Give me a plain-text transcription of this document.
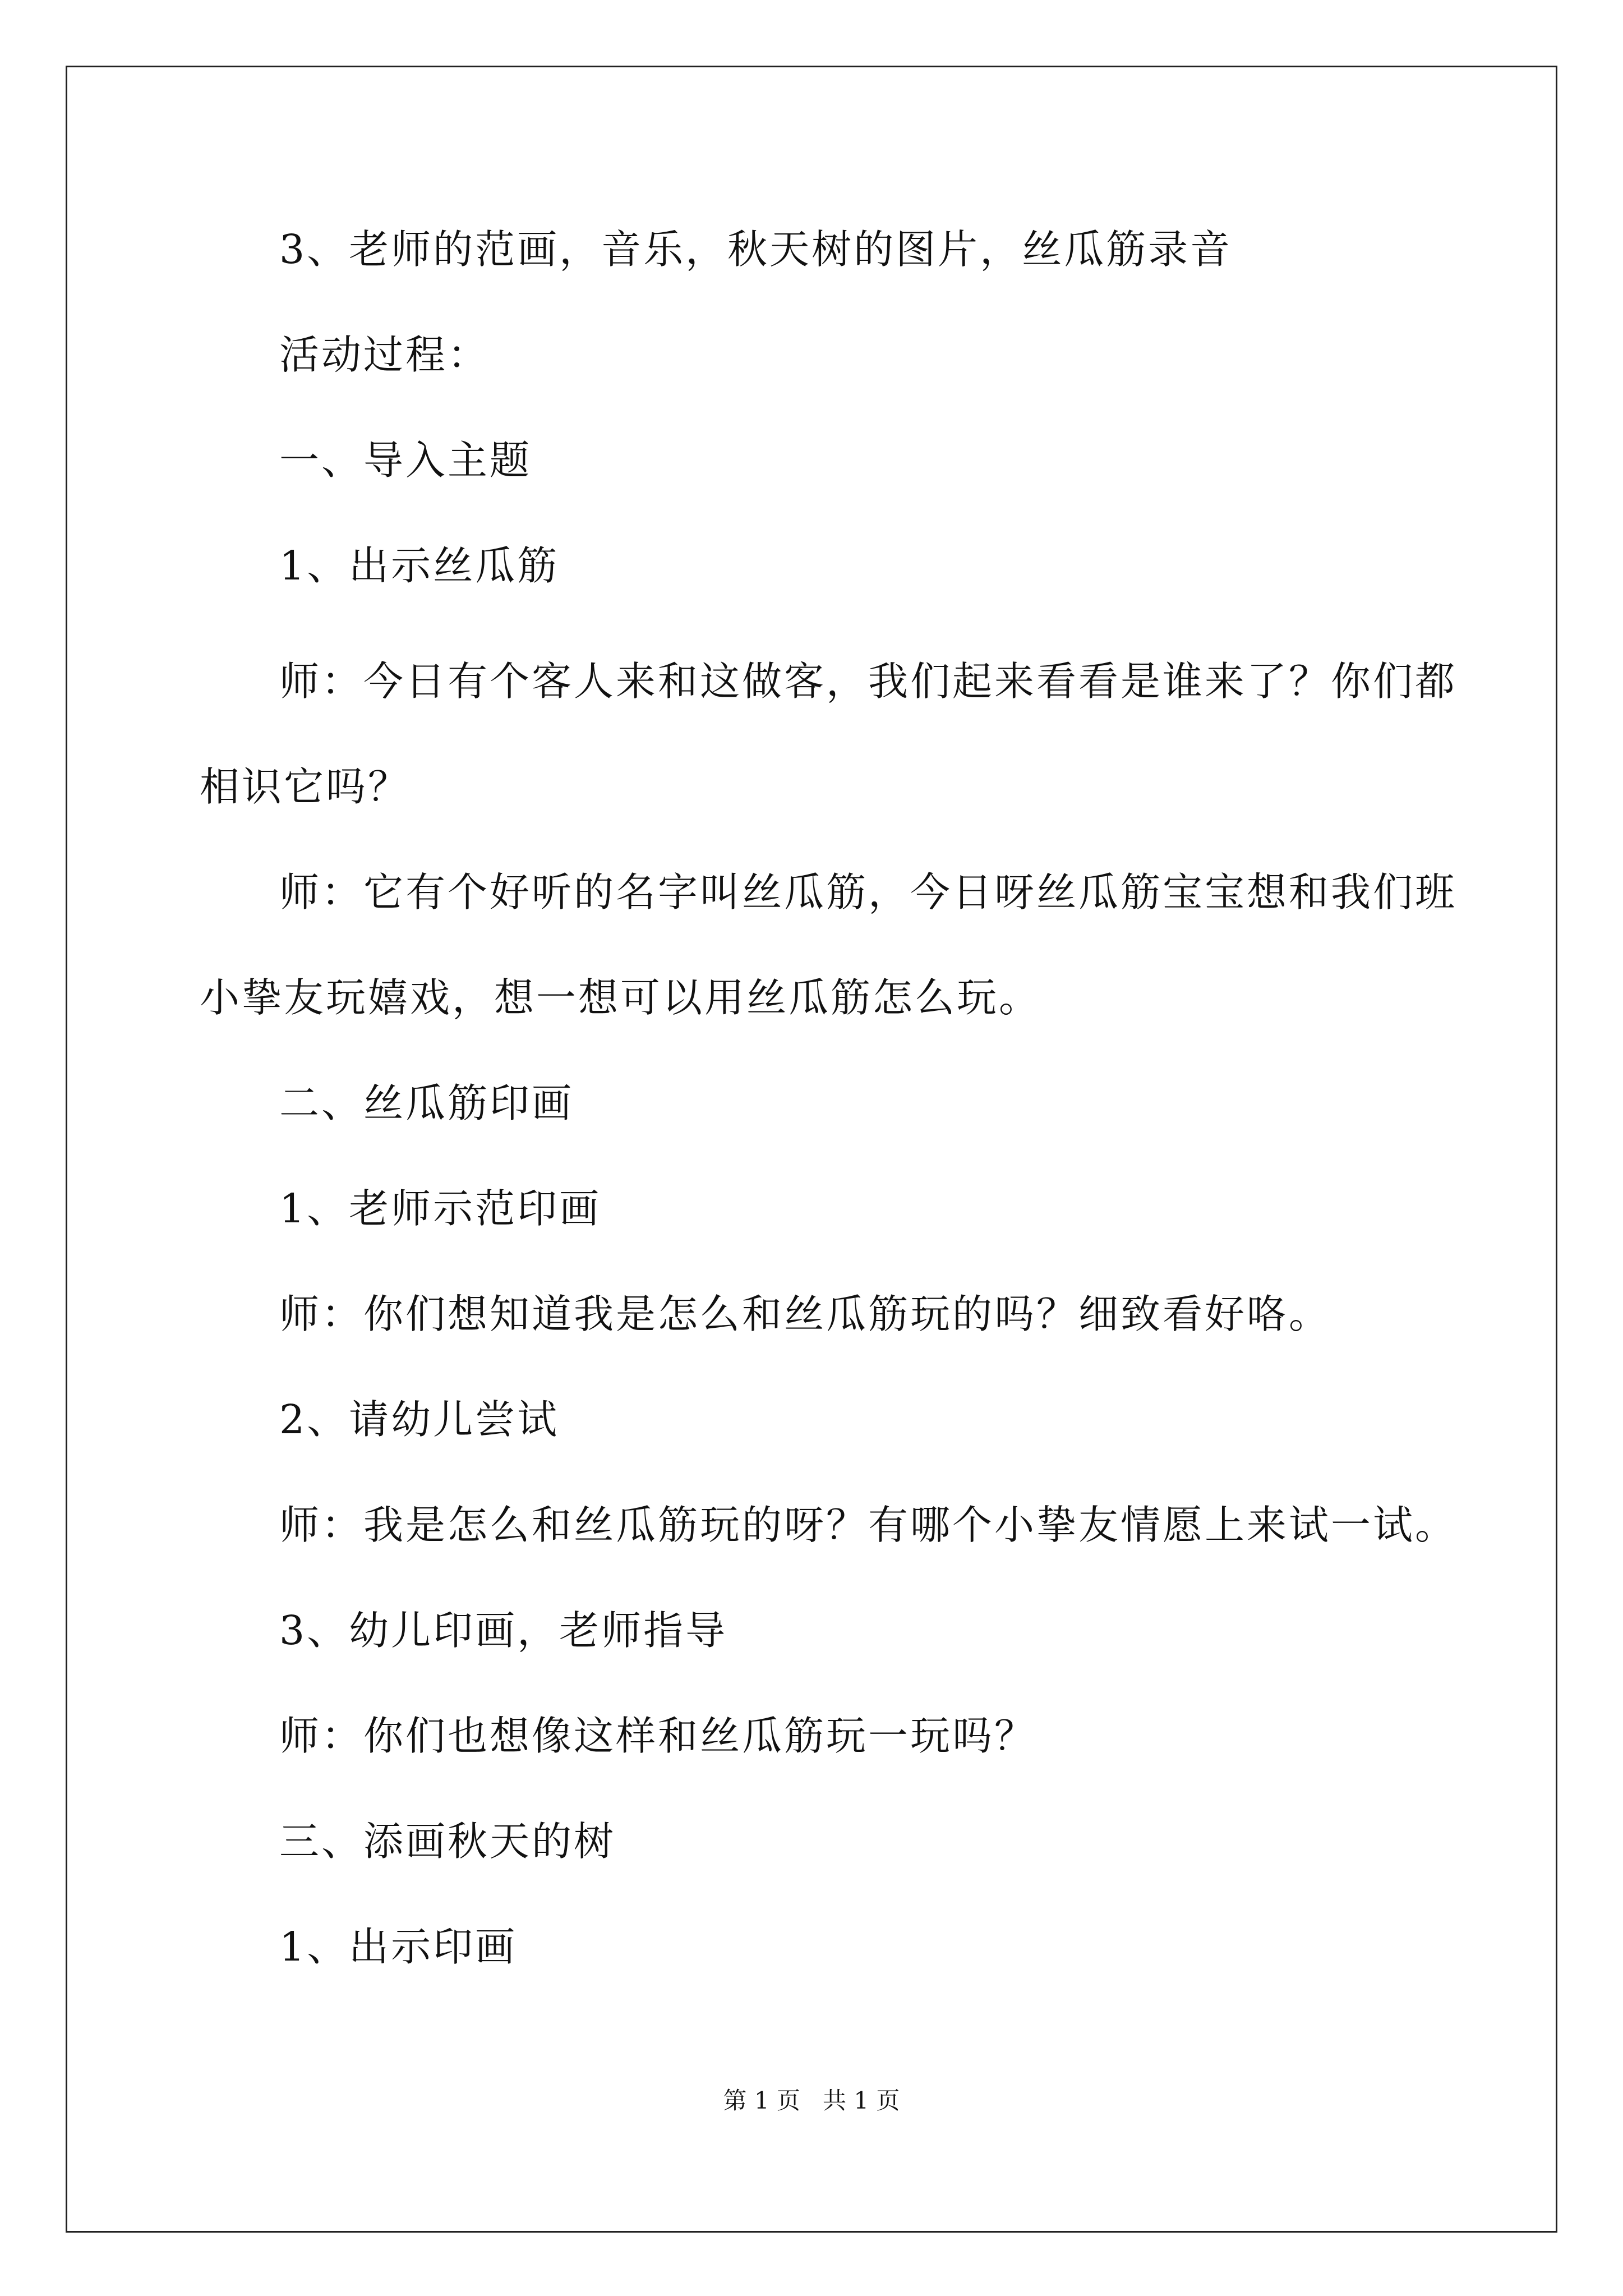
3、老师的范画，音乐，秋天树的图片，丝瓜筋录音
活动过程：
一、导入主题
1、出示丝瓜筋
师：今日有个客人来和这做客，我们起来看看是谁来了？你们都
相识它吗？
师：它有个好听的名字叫丝瓜筋，今日呀丝瓜筋宝宝想和我们班
小挚友玩嬉戏，想一想可以用丝瓜筋怎么玩。
二、丝瓜筋印画
1、老师示范印画
师：你们想知道我是怎么和丝瓜筋玩的吗？细致看好咯。
2、请幼儿尝试
师：我是怎么和丝瓜筋玩的呀？有哪个小挚友情愿上来试一试。
3、幼儿印画，老师指导
师：你们也想像这样和丝瓜筋玩一玩吗？
三、添画秋天的树
1、出示印画
第 1 页   共 1 页
